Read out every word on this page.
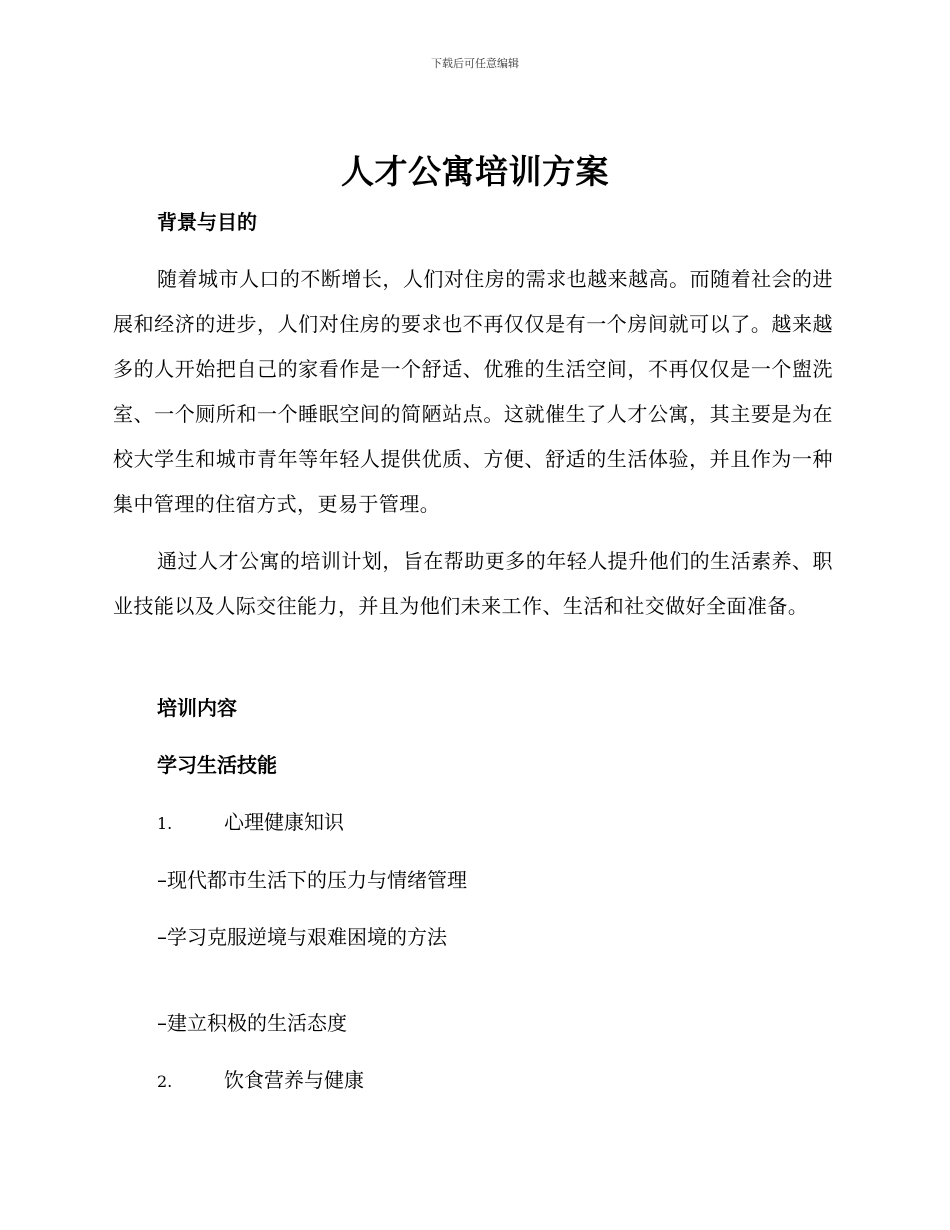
下载后可任意编辑
人才公寓培训方案
背景与目的

随着城市人口的不断增长，人们对住房的需求也越来越高。而随着社会的进展和经济的进步，人们对住房的要求也不再仅仅是有一个房间就可以了。越来越多的人开始把自己的家看作是一个舒适、优雅的生活空间，不再仅仅是一个盥洗室、一个厕所和一个睡眠空间的简陋站点。这就催生了人才公寓，其主要是为在校大学生和城市青年等年轻人提供优质、方便、舒适的生活体验，并且作为一种集中管理的住宿方式，更易于管理。

通过人才公寓的培训计划，旨在帮助更多的年轻人提升他们的生活素养、职业技能以及人际交往能力，并且为他们未来工作、生活和社交做好全面准备。

培训内容
学习生活技能
1.	心理健康知识
–现代都市生活下的压力与情绪管理
–学习克服逆境与艰难困境的方法
–建立积极的生活态度
2.	饮食营养与健康
